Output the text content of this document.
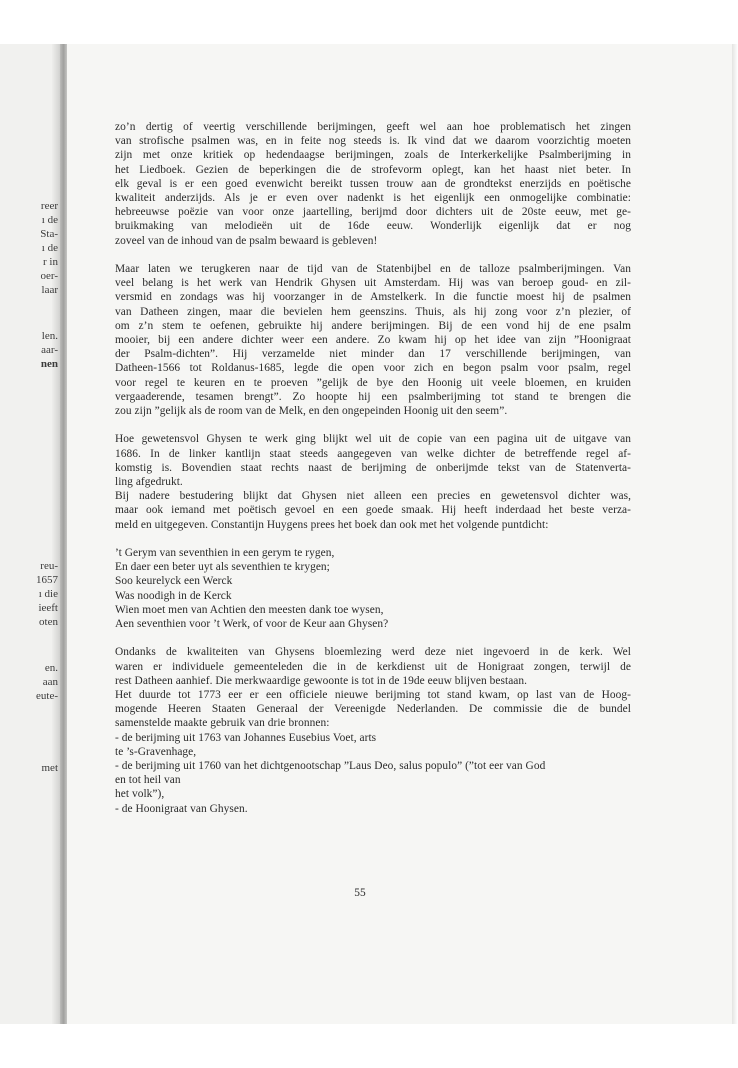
reer
ı de
Sta-
ı de
r in
oer-
laar
len.
aar-
nen
reu-
1657
ı die
ieeft
oten
en.
aan
eute-
met
zo’n dertig of veertig verschillende berijmingen, geeft wel aan hoe problematisch het zingen
van strofische psalmen was, en in feite nog steeds is. Ik vind dat we daarom voorzichtig moeten
zijn met onze kritiek op hedendaagse berijmingen, zoals de Interkerkelijke Psalmberijming in
het Liedboek. Gezien de beperkingen die de strofevorm oplegt, kan het haast niet beter. In
elk geval is er een goed evenwicht bereikt tussen trouw aan de grondtekst enerzijds en poëtische
kwaliteit anderzijds. Als je er even over nadenkt is het eigenlijk een onmogelijke combinatie:
hebreeuwse poëzie van voor onze jaartelling, berijmd door dichters uit de 20ste eeuw, met ge-
bruikmaking van melodieën uit de 16de eeuw. Wonderlijk eigenlijk dat er nog
zoveel van de inhoud van de psalm bewaard is gebleven!
Maar laten we terugkeren naar de tijd van de Statenbijbel en de talloze psalmberijmingen. Van
veel belang is het werk van Hendrik Ghysen uit Amsterdam. Hij was van beroep goud- en zil-
versmid en zondags was hij voorzanger in de Amstelkerk. In die functie moest hij de psalmen
van Datheen zingen, maar die bevielen hem geenszins. Thuis, als hij zong voor z’n plezier, of
om z’n stem te oefenen, gebruikte hij andere berijmingen. Bij de een vond hij de ene psalm
mooier, bij een andere dichter weer een andere. Zo kwam hij op het idee van zijn ”Hoonigraat
der Psalm-dichten”. Hij verzamelde niet minder dan 17 verschillende berijmingen, van
Datheen-1566 tot Roldanus-1685, legde die open voor zich en begon psalm voor psalm, regel
voor regel te keuren en te proeven ”gelijk de bye den Hoonig uit veele bloemen, en kruiden
vergaaderende, tesamen brengt”. Zo hoopte hij een psalmberijming tot stand te brengen die
zou zijn ”gelijk als de room van de Melk, en den ongepeinden Hoonig uit den seem”.
Hoe gewetensvol Ghysen te werk ging blijkt wel uit de copie van een pagina uit de uitgave van
1686. In de linker kantlijn staat steeds aangegeven van welke dichter de betreffende regel af-
komstig is. Bovendien staat rechts naast de berijming de onberijmde tekst van de Statenverta-
ling afgedrukt.
Bij nadere bestudering blijkt dat Ghysen niet alleen een precies en gewetensvol dichter was,
maar ook iemand met poëtisch gevoel en een goede smaak. Hij heeft inderdaad het beste verza-
meld en uitgegeven. Constantijn Huygens prees het boek dan ook met het volgende puntdicht:
’t Gerym van seventhien in een gerym te rygen,
En daer een beter uyt als seventhien te krygen;
Soo keurelyck een Werck
Was noodigh in de Kerck
Wien moet men van Achtien den meesten dank toe wysen,
Aen seventhien voor ’t Werk, of voor de Keur aan Ghysen?
Ondanks de kwaliteiten van Ghysens bloemlezing werd deze niet ingevoerd in de kerk. Wel
waren er individuele gemeenteleden die in de kerkdienst uit de Honigraat zongen, terwijl de
rest Datheen aanhief. Die merkwaardige gewoonte is tot in de 19de eeuw blijven bestaan.
Het duurde tot 1773 eer er een officiele nieuwe berijming tot stand kwam, op last van de Hoog-
mogende Heeren Staaten Generaal der Vereenigde Nederlanden. De commissie die de bundel
samenstelde maakte gebruik van drie bronnen:
- de berijming uit 1763 van Johannes Eusebius Voet, arts
te ’s-Gravenhage,
- de berijming uit 1760 van het dichtgenootschap ”Laus Deo, salus populo” (”tot eer van God
en tot heil van
het volk”),
- de Hoonigraat van Ghysen.
55
